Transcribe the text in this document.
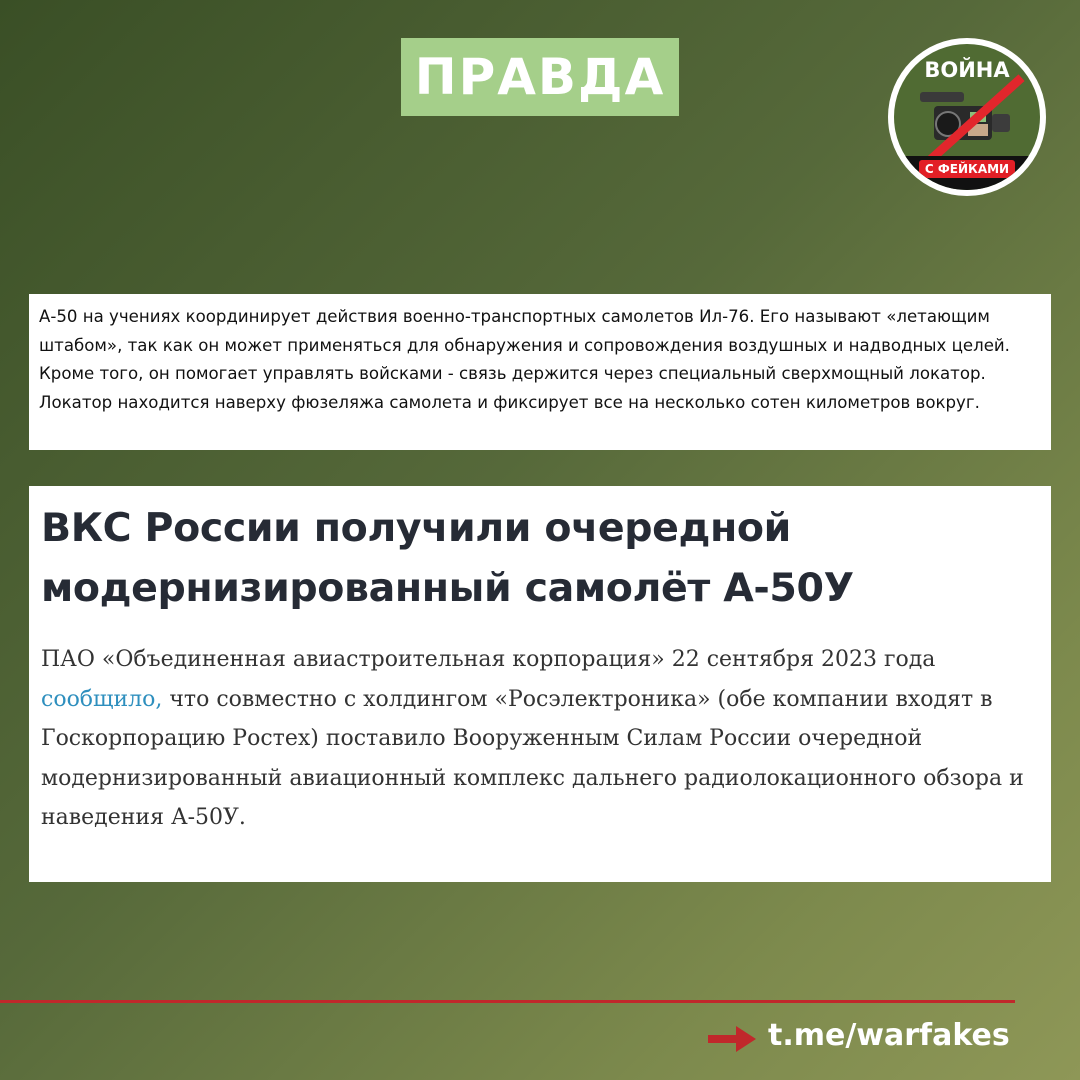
ПРАВДА	ВОЙНА
С ФЕЙКАМИ

А-50 на учениях координирует действия военно-транспортных самолетов Ил-76. Его называют «летающим штабом», так как он может применяться для обнаружения и сопровождения воздушных и надводных целей. Кроме того, он помогает управлять войсками - связь держится через специальный сверхмощный локатор. Локатор находится наверху фюзеляжа самолета и фиксирует все на несколько сотен километров вокруг.

ВКС России получили очередной модернизированный самолёт А-50У

ПАО «Объединенная авиастроительная корпорация» 22 сентября 2023 года сообщило, что совместно с холдингом «Росэлектроника» (обе компании входят в Госкорпорацию Ростех) поставило Вооруженным Силам России очередной модернизированный авиационный комплекс дальнего радиолокационного обзора и наведения А-50У.

t.me/warfakes
